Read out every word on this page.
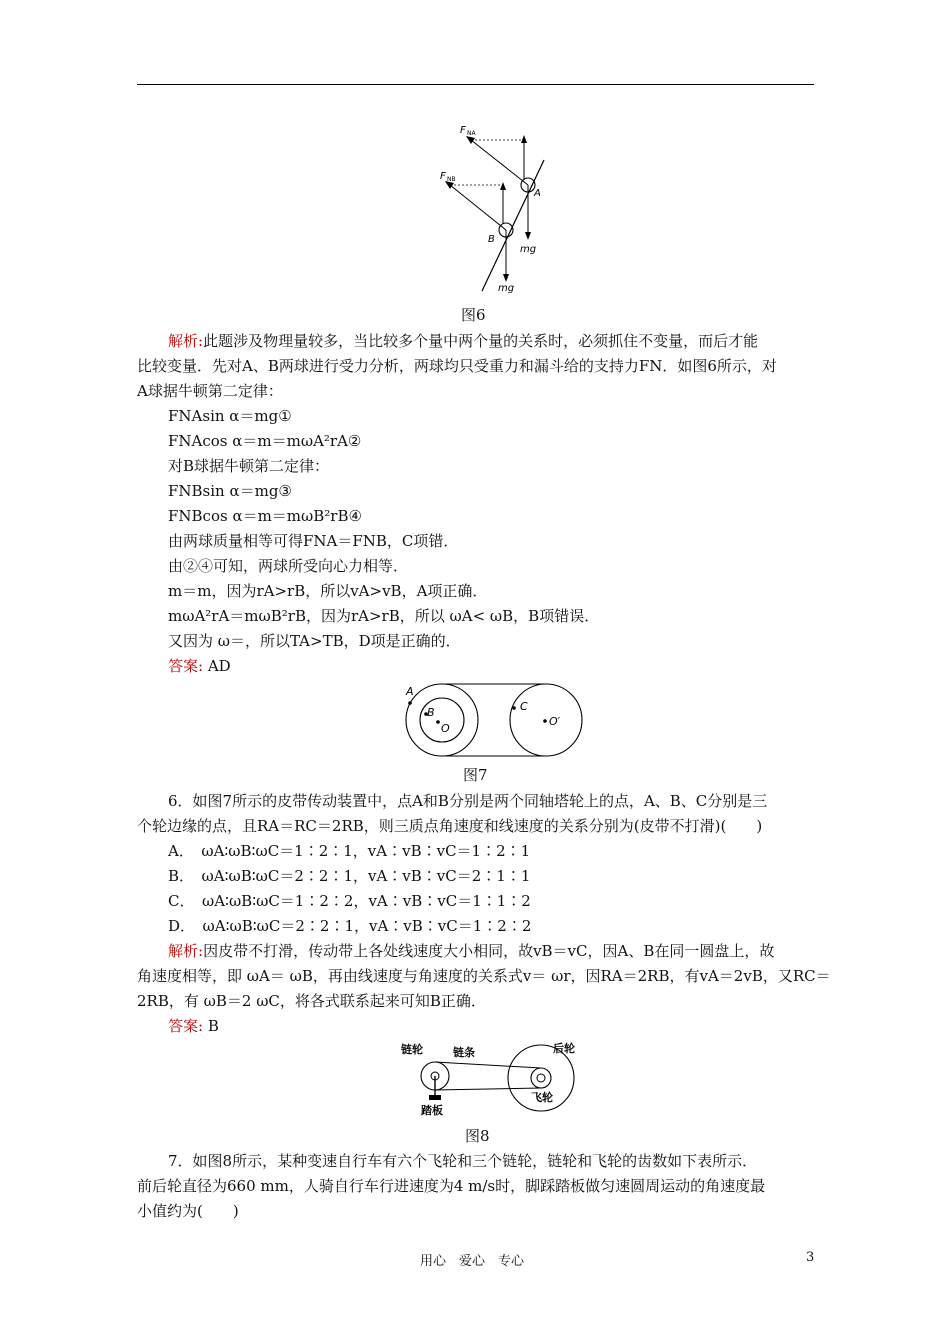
F NA
F NB
A
B
mg
mg
图6
解析:此题涉及物理量较多，当比较多个量中两个量的关系时，必须抓住不变量，而后才能
比较变量．先对A、B两球进行受力分析，两球均只受重力和漏斗给的支持力FN．如图6所示，对
A球据牛顿第二定律：
FNAsin α＝mg①
FNAcos α＝m＝mωA²rA②
对B球据牛顿第二定律：
FNBsin α＝mg③
FNBcos α＝m＝mωB²rB④
由两球质量相等可得FNA＝FNB，C项错．
由②④可知，两球所受向心力相等．
m＝m，因为rA>rB，所以vA>vB，A项正确．
mωA²rA＝mωB²rB，因为rA>rB，所以 ωA< ωB，B项错误．
又因为 ω＝，所以TA>TB，D项是正确的．
答案: AD
A
B
O
C
O′
图7
6．如图7所示的皮带传动装置中，点A和B分别是两个同轴塔轮上的点，A、B、C分别是三
个轮边缘的点，且RA＝RC＝2RB，则三质点角速度和线速度的关系分别为(皮带不打滑)(　　)
A．　ωA∶ωB∶ωC＝1∶2∶1，vA∶vB∶vC＝1∶2∶1
B．　ωA∶ωB∶ωC＝2∶2∶1，vA∶vB∶vC＝2∶1∶1
C．　ωA∶ωB∶ωC＝1∶2∶2，vA∶vB∶vC＝1∶1∶2
D．　ωA∶ωB∶ωC＝2∶2∶1，vA∶vB∶vC＝1∶2∶2
解析:因皮带不打滑，传动带上各处线速度大小相同，故vB＝vC，因A、B在同一圆盘上，故
角速度相等，即 ωA＝ ωB，再由线速度与角速度的关系式v＝ ωr，因RA＝2RB，有vA＝2vB，又RC＝
2RB，有 ωB＝2 ωC，将各式联系起来可知B正确．
答案: B
链轮	链条	后轮
踏板
飞轮
图8
7．如图8所示，某种变速自行车有六个飞轮和三个链轮，链轮和飞轮的齿数如下表所示．
前后轮直径为660 mm，人骑自行车行进速度为4 m/s时，脚踩踏板做匀速圆周运动的角速度最
小值约为(　　)
用心　爱心　专心	3
